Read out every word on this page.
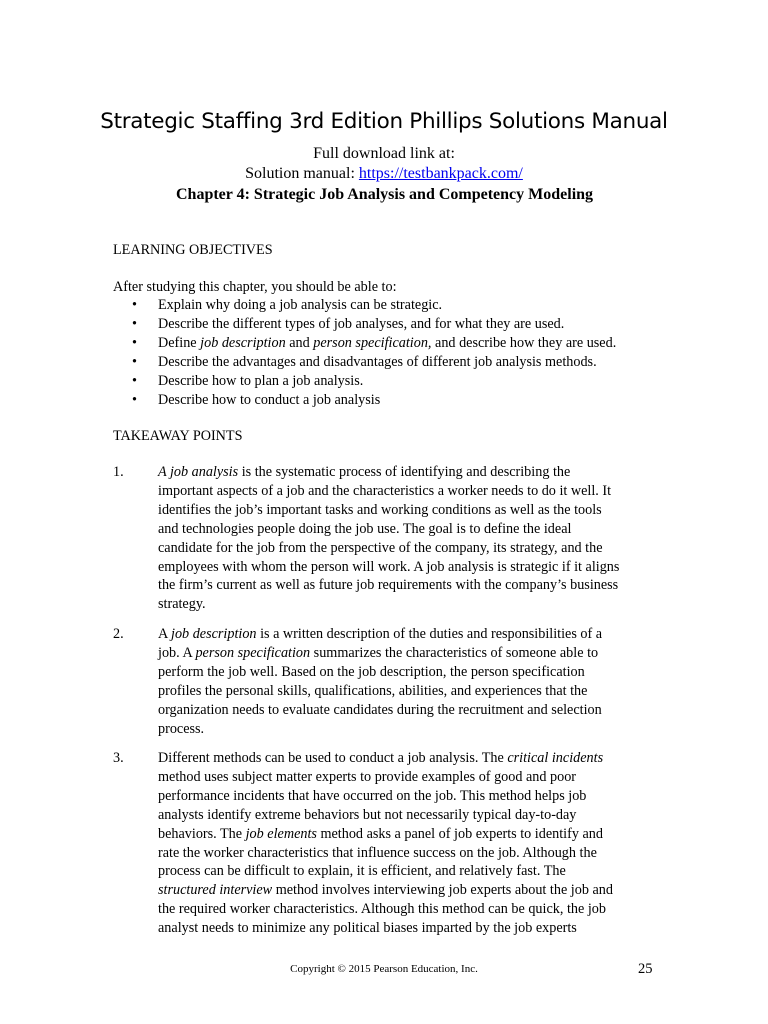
Strategic Staffing 3rd Edition Phillips Solutions Manual
Full download link at:
Solution manual: https://testbankpack.com/
Chapter 4: Strategic Job Analysis and Competency Modeling
LEARNING OBJECTIVES
After studying this chapter, you should be able to:
• Explain why doing a job analysis can be strategic.
• Describe the different types of job analyses, and for what they are used.
• Define job description and person specification, and describe how they are used.
• Describe the advantages and disadvantages of different job analysis methods.
• Describe how to plan a job analysis.
• Describe how to conduct a job analysis
TAKEAWAY POINTS
1. A job analysis is the systematic process of identifying and describing the
important aspects of a job and the characteristics a worker needs to do it well. It
identifies the job’s important tasks and working conditions as well as the tools
and technologies people doing the job use. The goal is to define the ideal
candidate for the job from the perspective of the company, its strategy, and the
employees with whom the person will work. A job analysis is strategic if it aligns
the firm’s current as well as future job requirements with the company’s business
strategy.
2. A job description is a written description of the duties and responsibilities of a
job. A person specification summarizes the characteristics of someone able to
perform the job well. Based on the job description, the person specification
profiles the personal skills, qualifications, abilities, and experiences that the
organization needs to evaluate candidates during the recruitment and selection
process.
3. Different methods can be used to conduct a job analysis. The critical incidents
method uses subject matter experts to provide examples of good and poor
performance incidents that have occurred on the job. This method helps job
analysts identify extreme behaviors but not necessarily typical day-to-day
behaviors. The job elements method asks a panel of job experts to identify and
rate the worker characteristics that influence success on the job. Although the
process can be difficult to explain, it is efficient, and relatively fast. The
structured interview method involves interviewing job experts about the job and
the required worker characteristics. Although this method can be quick, the job
analyst needs to minimize any political biases imparted by the job experts
Copyright © 2015 Pearson Education, Inc.	25
